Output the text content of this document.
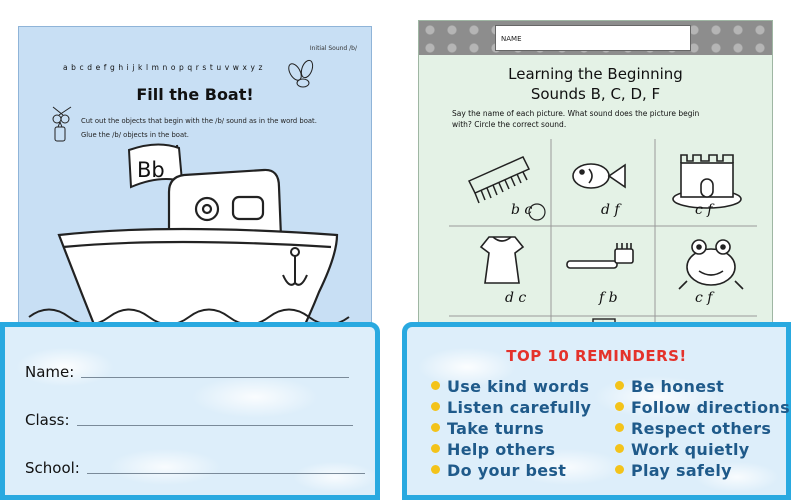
Initial Sound /b/
a b c d e f g h i j k l m n o p q r s t u v w x y z
Fill the Boat!
Cut out the objects that begin with the /b/ sound as in the word boat.
Glue the /b/ objects in the boat.
Bb
Name:
Class:
School:
NAME
Learning the Beginning
Sounds B, C, D, F
Say the name of each picture. What sound does the picture begin
with? Circle the correct sound.
b c	d f	c f
d c	f b	c f
TOP 10 REMINDERS!
Use kind words
Listen carefully
Take turns
Help others
Do your best
Be honest
Follow directions
Respect others
Work quietly
Play safely
